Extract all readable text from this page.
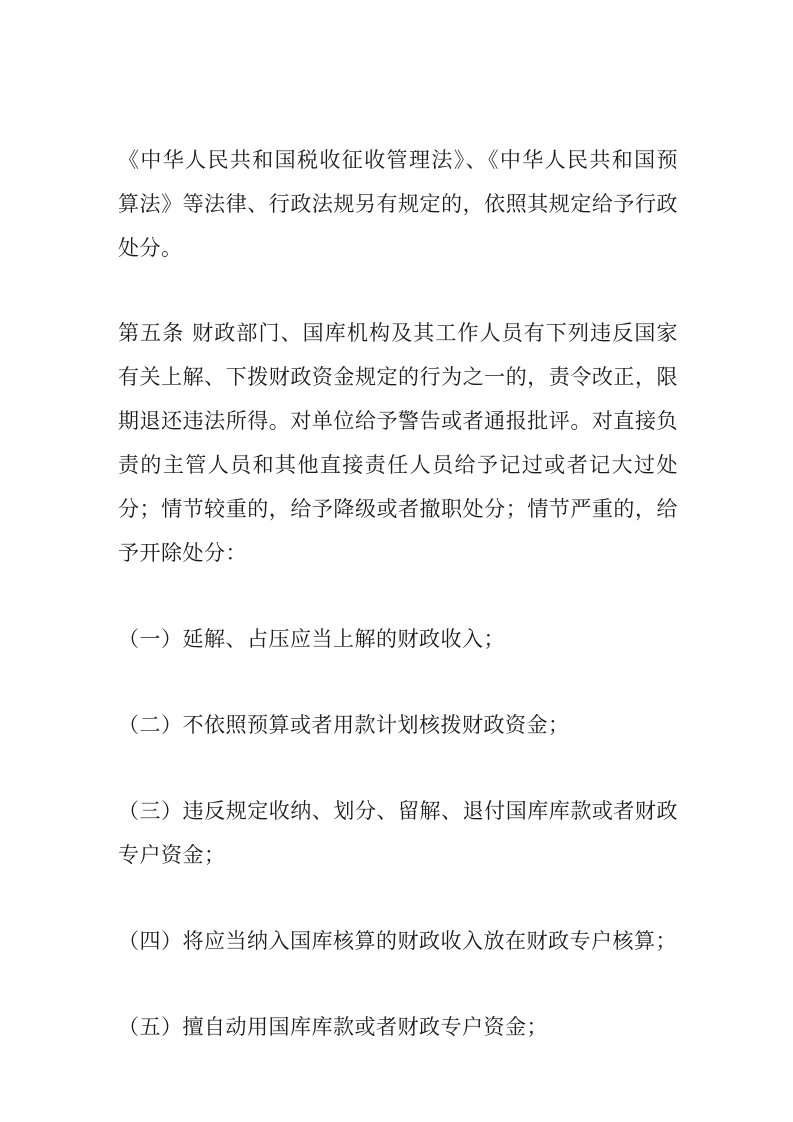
《中华人民共和国税收征收管理法》、《中华人民共和国预
算法》等法律、行政法规另有规定的，依照其规定给予行政
处分。
第五条 财政部门、国库机构及其工作人员有下列违反国家
有关上解、下拨财政资金规定的行为之一的，责令改正，限
期退还违法所得。对单位给予警告或者通报批评。对直接负
责的主管人员和其他直接责任人员给予记过或者记大过处
分；情节较重的，给予降级或者撤职处分；情节严重的，给
予开除处分：
（一）延解、占压应当上解的财政收入；
（二）不依照预算或者用款计划核拨财政资金；
（三）违反规定收纳、划分、留解、退付国库库款或者财政
专户资金；
（四）将应当纳入国库核算的财政收入放在财政专户核算；
（五）擅自动用国库库款或者财政专户资金；
